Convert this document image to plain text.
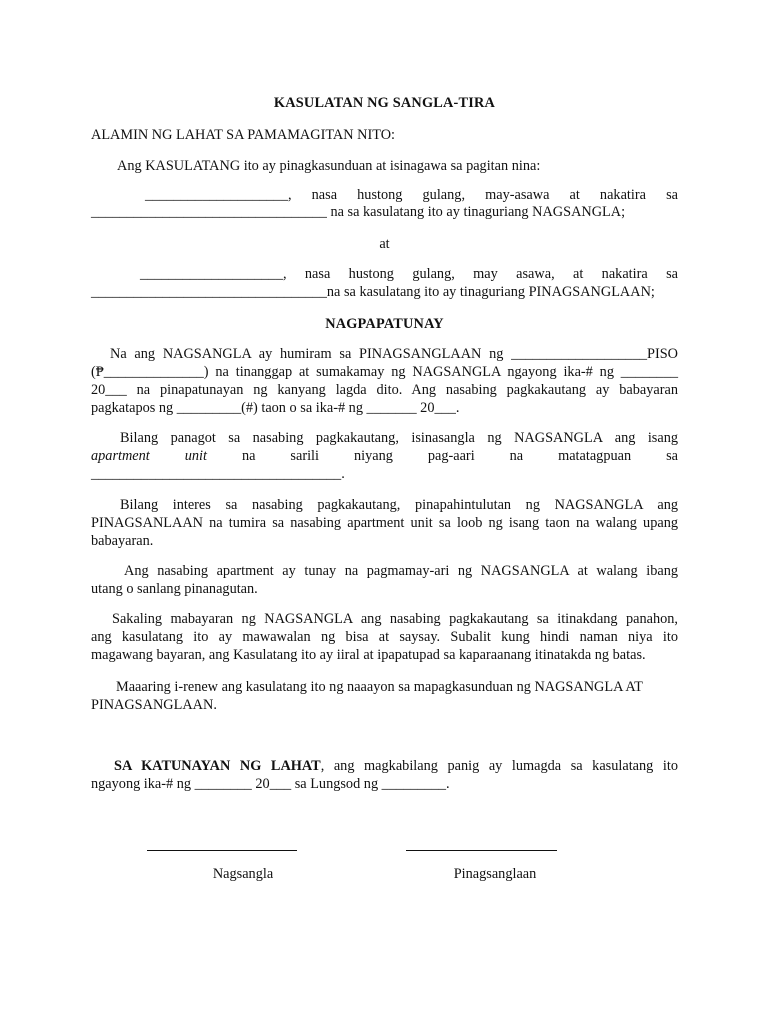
KASULATAN NG SANGLA-TIRA
ALAMIN NG LAHAT SA PAMAMAGITAN NITO:
Ang KASULATANG ito ay pinagkasunduan at isinagawa sa pagitan nina:
____________________, nasa hustong gulang, may-asawa at nakatira sa
_________________________________ na sa kasulatang ito ay tinaguriang NAGSANGLA;
at
____________________, nasa hustong gulang, may asawa, at nakatira sa
_________________________________na sa kasulatang ito ay tinaguriang PINAGSANGLAAN;
NAGPAPATUNAY
Na ang NAGSANGLA ay humiram sa PINAGSANGLAAN ng ___________________PISO
(₱______________) na tinanggap at sumakamay ng NAGSANGLA ngayong ika-# ng ________
20___ na pinapatunayan ng kanyang lagda dito. Ang nasabing pagkakautang ay babayaran
pagkatapos ng _________(#) taon o sa ika-# ng _______ 20___.
Bilang panagot sa nasabing pagkakautang, isinasangla ng NAGSANGLA ang isang
apartment unit na sarili niyang pag-aari na matatagpuan sa
___________________________________.
Bilang interes sa nasabing pagkakautang, pinapahintulutan ng NAGSANGLA ang
PINAGSANLAAN na tumira sa nasabing apartment unit sa loob ng isang taon na walang upang
babayaran.
Ang nasabing apartment ay tunay na pagmamay-ari ng NAGSANGLA at walang ibang
utang o sanlang pinanagutan.
Sakaling mabayaran ng NAGSANGLA ang nasabing pagkakautang sa itinakdang panahon,
ang kasulatang ito ay mawawalan ng bisa at saysay. Subalit kung hindi naman niya ito
magawang bayaran, ang Kasulatang ito ay iiral at ipapatupad sa kaparaanang itinatakda ng batas.
Maaaring i-renew ang kasulatang ito ng naaayon sa mapagkasunduan ng NAGSANGLA AT
PINAGSANGLAAN.
SA KATUNAYAN NG LAHAT, ang magkabilang panig ay lumagda sa kasulatang ito
ngayong ika-# ng ________ 20___ sa Lungsod ng _________.
Nagsangla	Pinagsanglaan
